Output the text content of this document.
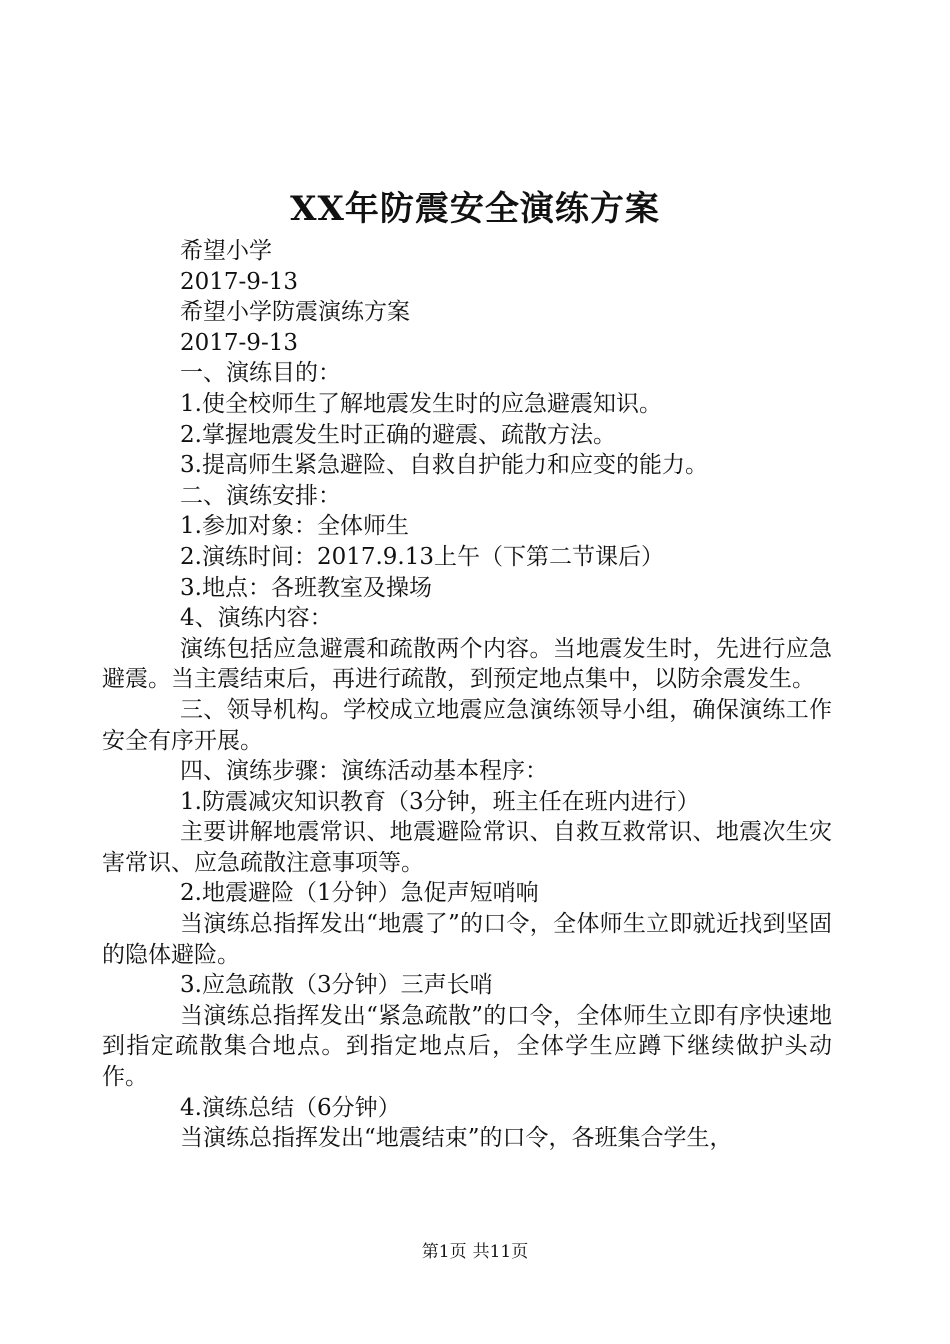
XX年防震安全演练方案
希望小学
2017-9-13
希望小学防震演练方案
2017-9-13
一、演练目的：
1.使全校师生了解地震发生时的应急避震知识。
2.掌握地震发生时正确的避震、疏散方法。
3.提高师生紧急避险、自救自护能力和应变的能力。
二、演练安排：
1.参加对象：全体师生
2.演练时间：2017.9.13上午（下第二节课后）
3.地点：各班教室及操场
4、演练内容：
演练包括应急避震和疏散两个内容。当地震发生时，先进行应急避震。当主震结束后，再进行疏散，到预定地点集中，以防余震发生。
三、领导机构。学校成立地震应急演练领导小组，确保演练工作安全有序开展。
四、演练步骤：演练活动基本程序：
1.防震减灾知识教育（3分钟，班主任在班内进行）
主要讲解地震常识、地震避险常识、自救互救常识、地震次生灾害常识、应急疏散注意事项等。
2.地震避险（1分钟）急促声短哨响
当演练总指挥发出“地震了”的口令，全体师生立即就近找到坚固的隐体避险。
3.应急疏散（3分钟）三声长哨
当演练总指挥发出“紧急疏散”的口令，全体师生立即有序快速地到指定疏散集合地点。到指定地点后，全体学生应蹲下继续做护头动作。
4.演练总结（6分钟）
当演练总指挥发出“地震结束”的口令，各班集合学生，
第1页 共11页
